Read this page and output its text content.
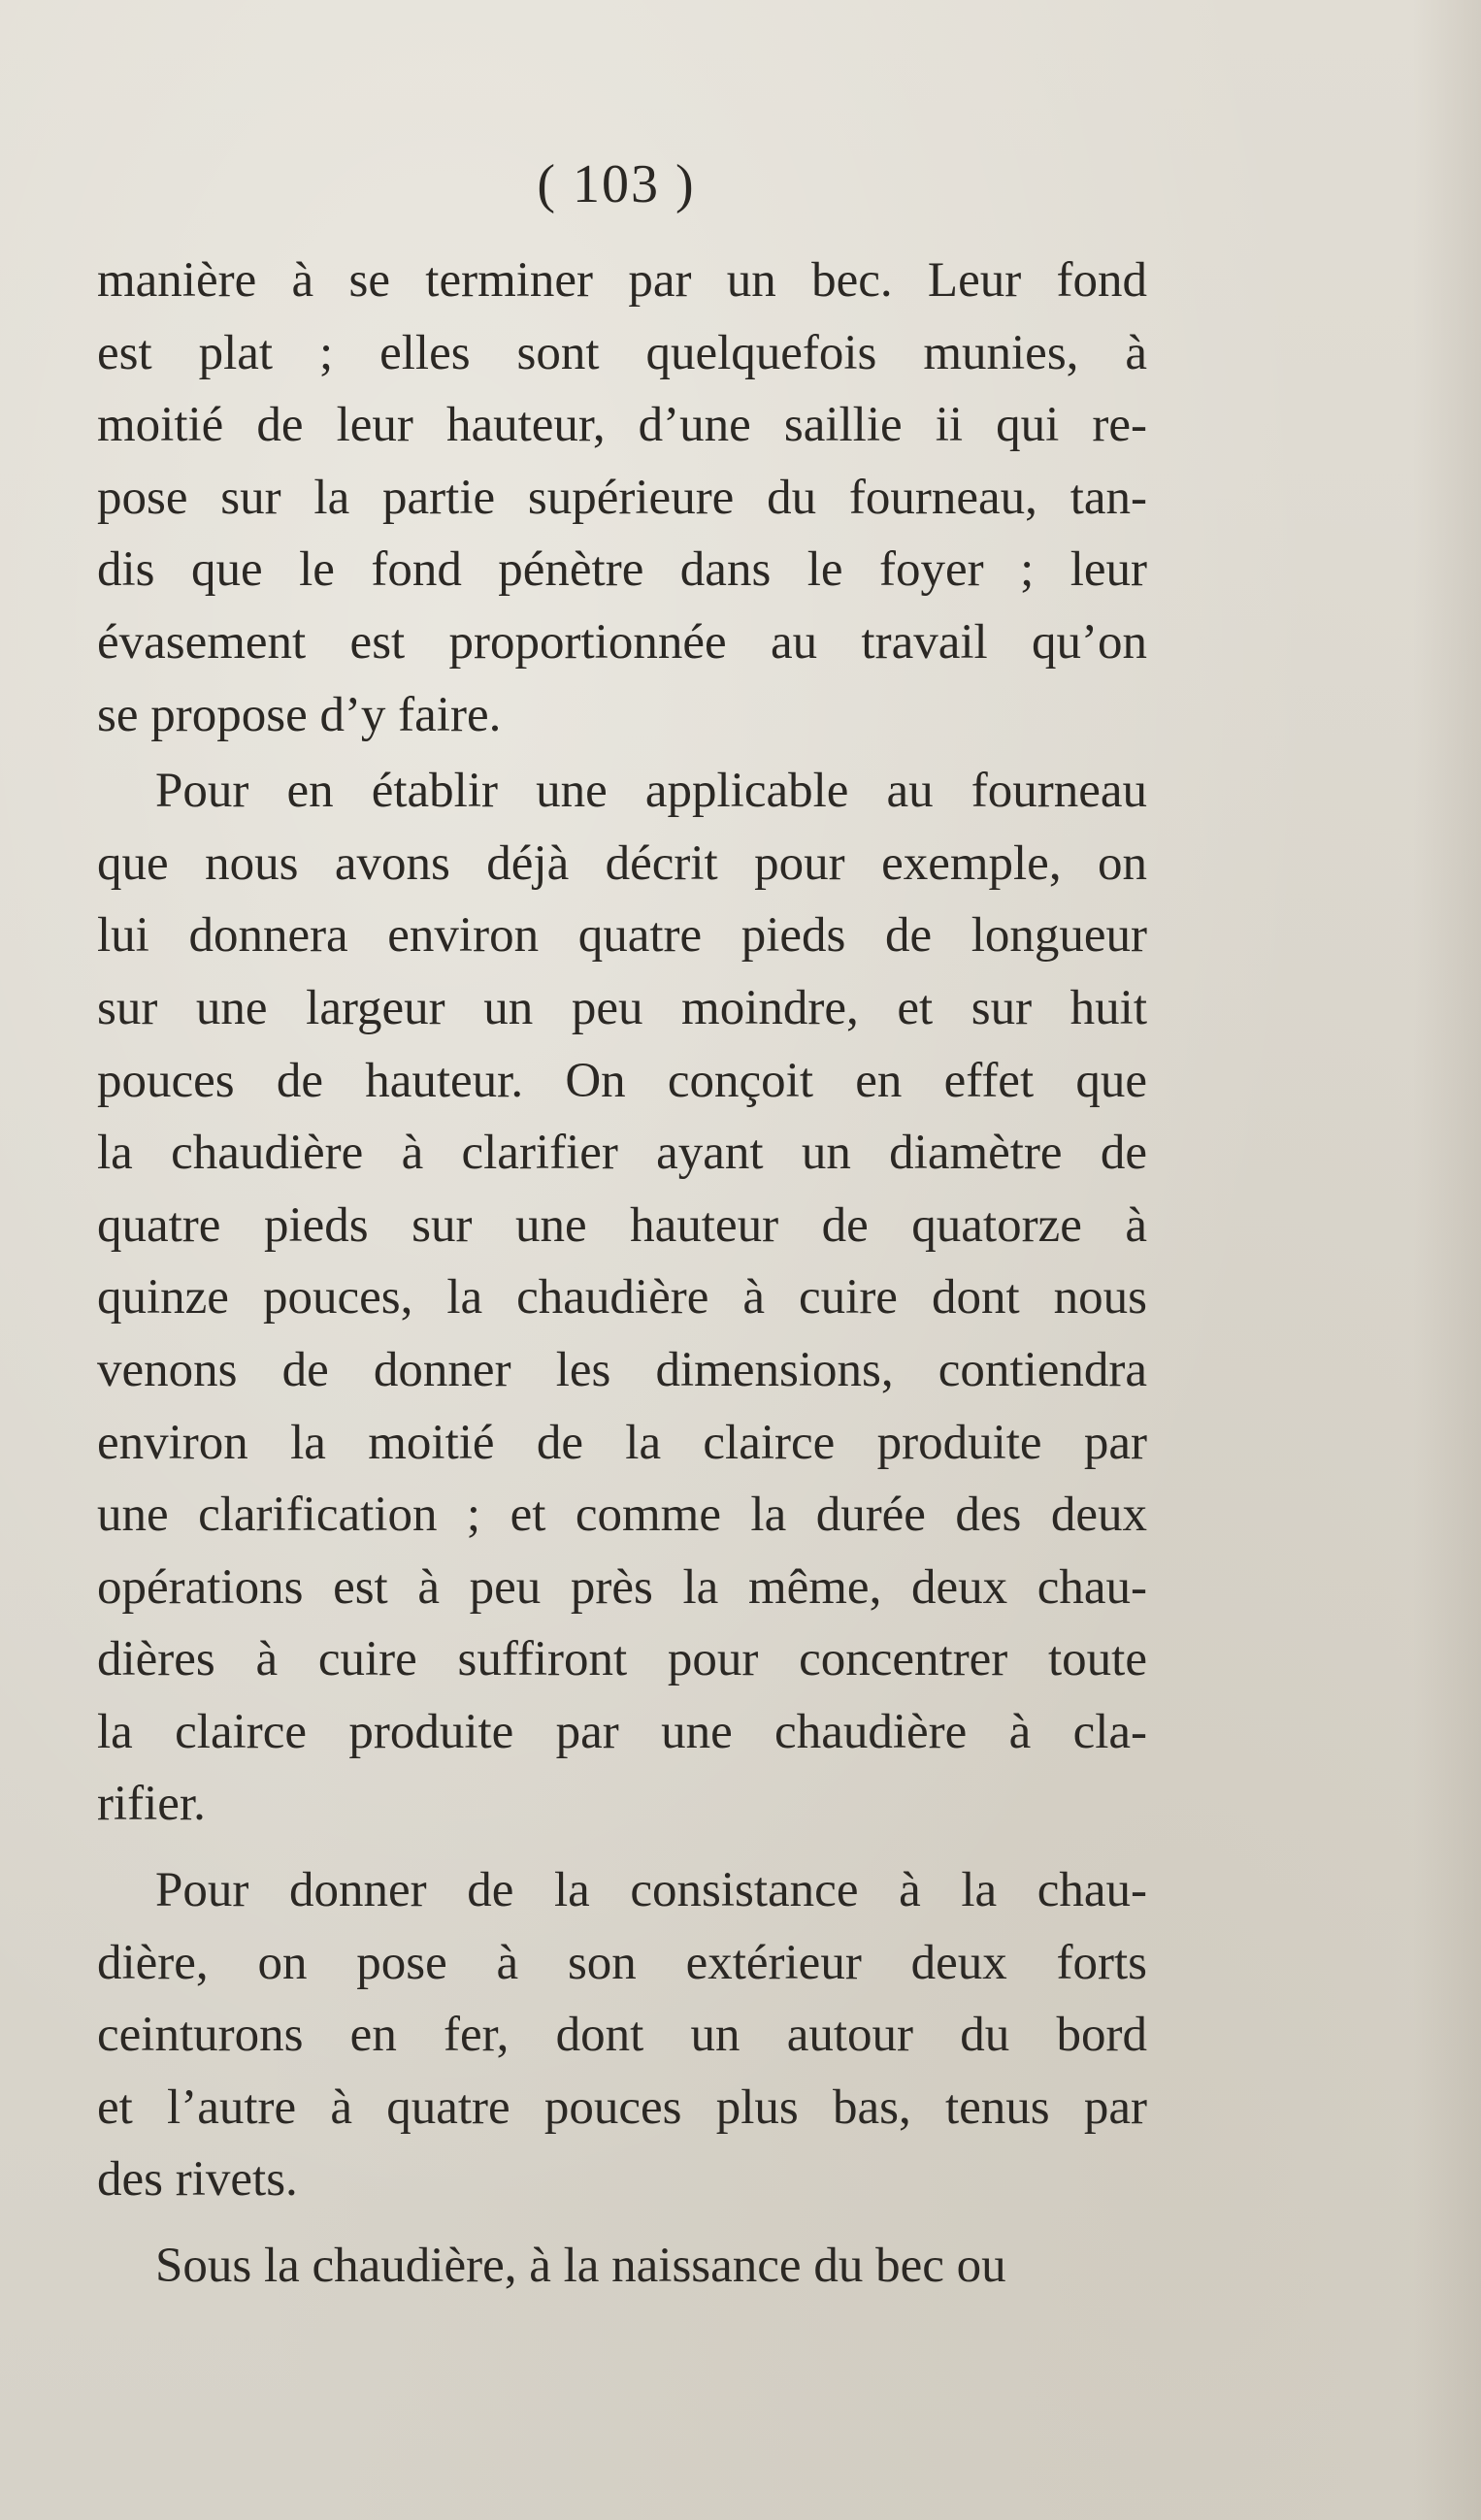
( 103 )
manière à se terminer par un bec. Leur fond
est plat ; elles sont quelquefois munies, à
moitié de leur hauteur, d’une saillie ii qui re-
pose sur la partie supérieure du fourneau, tan-
dis que le fond pénètre dans le foyer ; leur
évasement est proportionnée au travail qu’on
se propose d’y faire.
Pour en établir une applicable au fourneau
que nous avons déjà décrit pour exemple, on
lui donnera environ quatre pieds de longueur
sur une largeur un peu moindre, et sur huit
pouces de hauteur. On conçoit en effet que
la chaudière à clarifier ayant un diamètre de
quatre pieds sur une hauteur de quatorze à
quinze pouces, la chaudière à cuire dont nous
venons de donner les dimensions, contiendra
environ la moitié de la clairce produite par
une clarification ; et comme la durée des deux
opérations est à peu près la même, deux chau-
dières à cuire suffiront pour concentrer toute
la clairce produite par une chaudière à cla-
rifier.
Pour donner de la consistance à la chau-
dière, on pose à son extérieur deux forts
ceinturons en fer, dont un autour du bord
et l’autre à quatre pouces plus bas, tenus par
des rivets.
Sous la chaudière, à la naissance du bec ou
